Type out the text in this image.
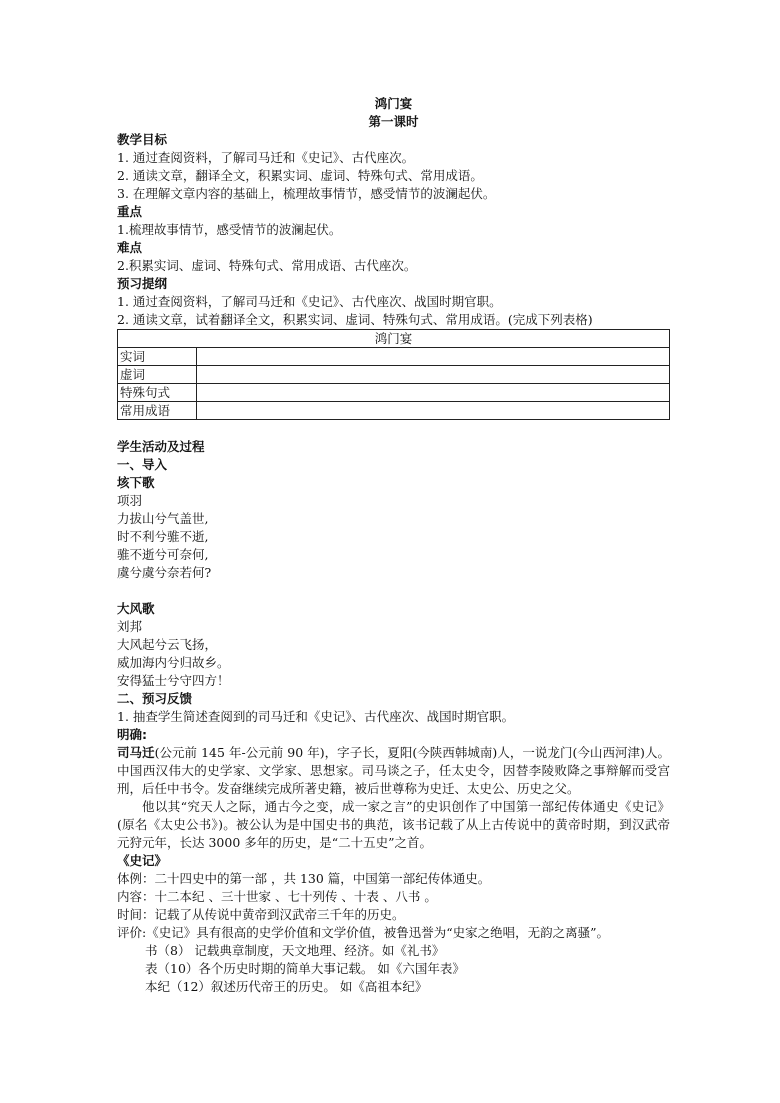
鸿门宴
第一课时
教学目标
1. 通过查阅资料，了解司马迁和《史记》、古代座次。
2. 通读文章，翻译全文，积累实词、虚词、特殊句式、常用成语。
3. 在理解文章内容的基础上，梳理故事情节，感受情节的波澜起伏。
重点
1.梳理故事情节，感受情节的波澜起伏。
难点
2.积累实词、虚词、特殊句式、常用成语、古代座次。
预习提纲
1. 通过查阅资料，了解司马迁和《史记》、古代座次、战国时期官职。
2. 通读文章，试着翻译全文，积累实词、虚词、特殊句式、常用成语。(完成下列表格)
鸿门宴	
实词	
虚词	
特殊句式	
常用成语	
学生活动及过程
一、导入
垓下歌
项羽
力拔山兮气盖世,
时不利兮骓不逝,
骓不逝兮可奈何,
虞兮虞兮奈若何?
大风歌
刘邦
大风起兮云飞扬，
威加海内兮归故乡。
安得猛士兮守四方！
二、预习反馈
1. 抽查学生简述查阅到的司马迁和《史记》、古代座次、战国时期官职。
明确:
司马迁(公元前 145 年-公元前 90 年)，字子长，夏阳(今陕西韩城南)人，一说龙门(今山西河津)人。中国西汉伟大的史学家、文学家、思想家。司马谈之子，任太史令，因替李陵败降之事辩解而受宫刑，后任中书令。发奋继续完成所著史籍，被后世尊称为史迁、太史公、历史之父。
他以其“究天人之际，通古今之变，成一家之言”的史识创作了中国第一部纪传体通史《史记》(原名《太史公书》)。被公认为是中国史书的典范，该书记载了从上古传说中的黄帝时期，到汉武帝元狩元年，长达 3000 多年的历史，是“二十五史”之首。
《史记》
体例：二十四史中的第一部 ，共 130 篇，中国第一部纪传体通史。
内容：十二本纪 、三十世家 、七十列传 、十表 、八书 。
时间：记载了从传说中黄帝到汉武帝三千年的历史。
评价:《史记》具有很高的史学价值和文学价值，被鲁迅誉为“史家之绝唱，无韵之离骚”。
书（8） 记载典章制度，天文地理、经济。如《礼书》
表（10）各个历史时期的简单大事记载。 如《六国年表》
本纪（12）叙述历代帝王的历史。 如《高祖本纪》
